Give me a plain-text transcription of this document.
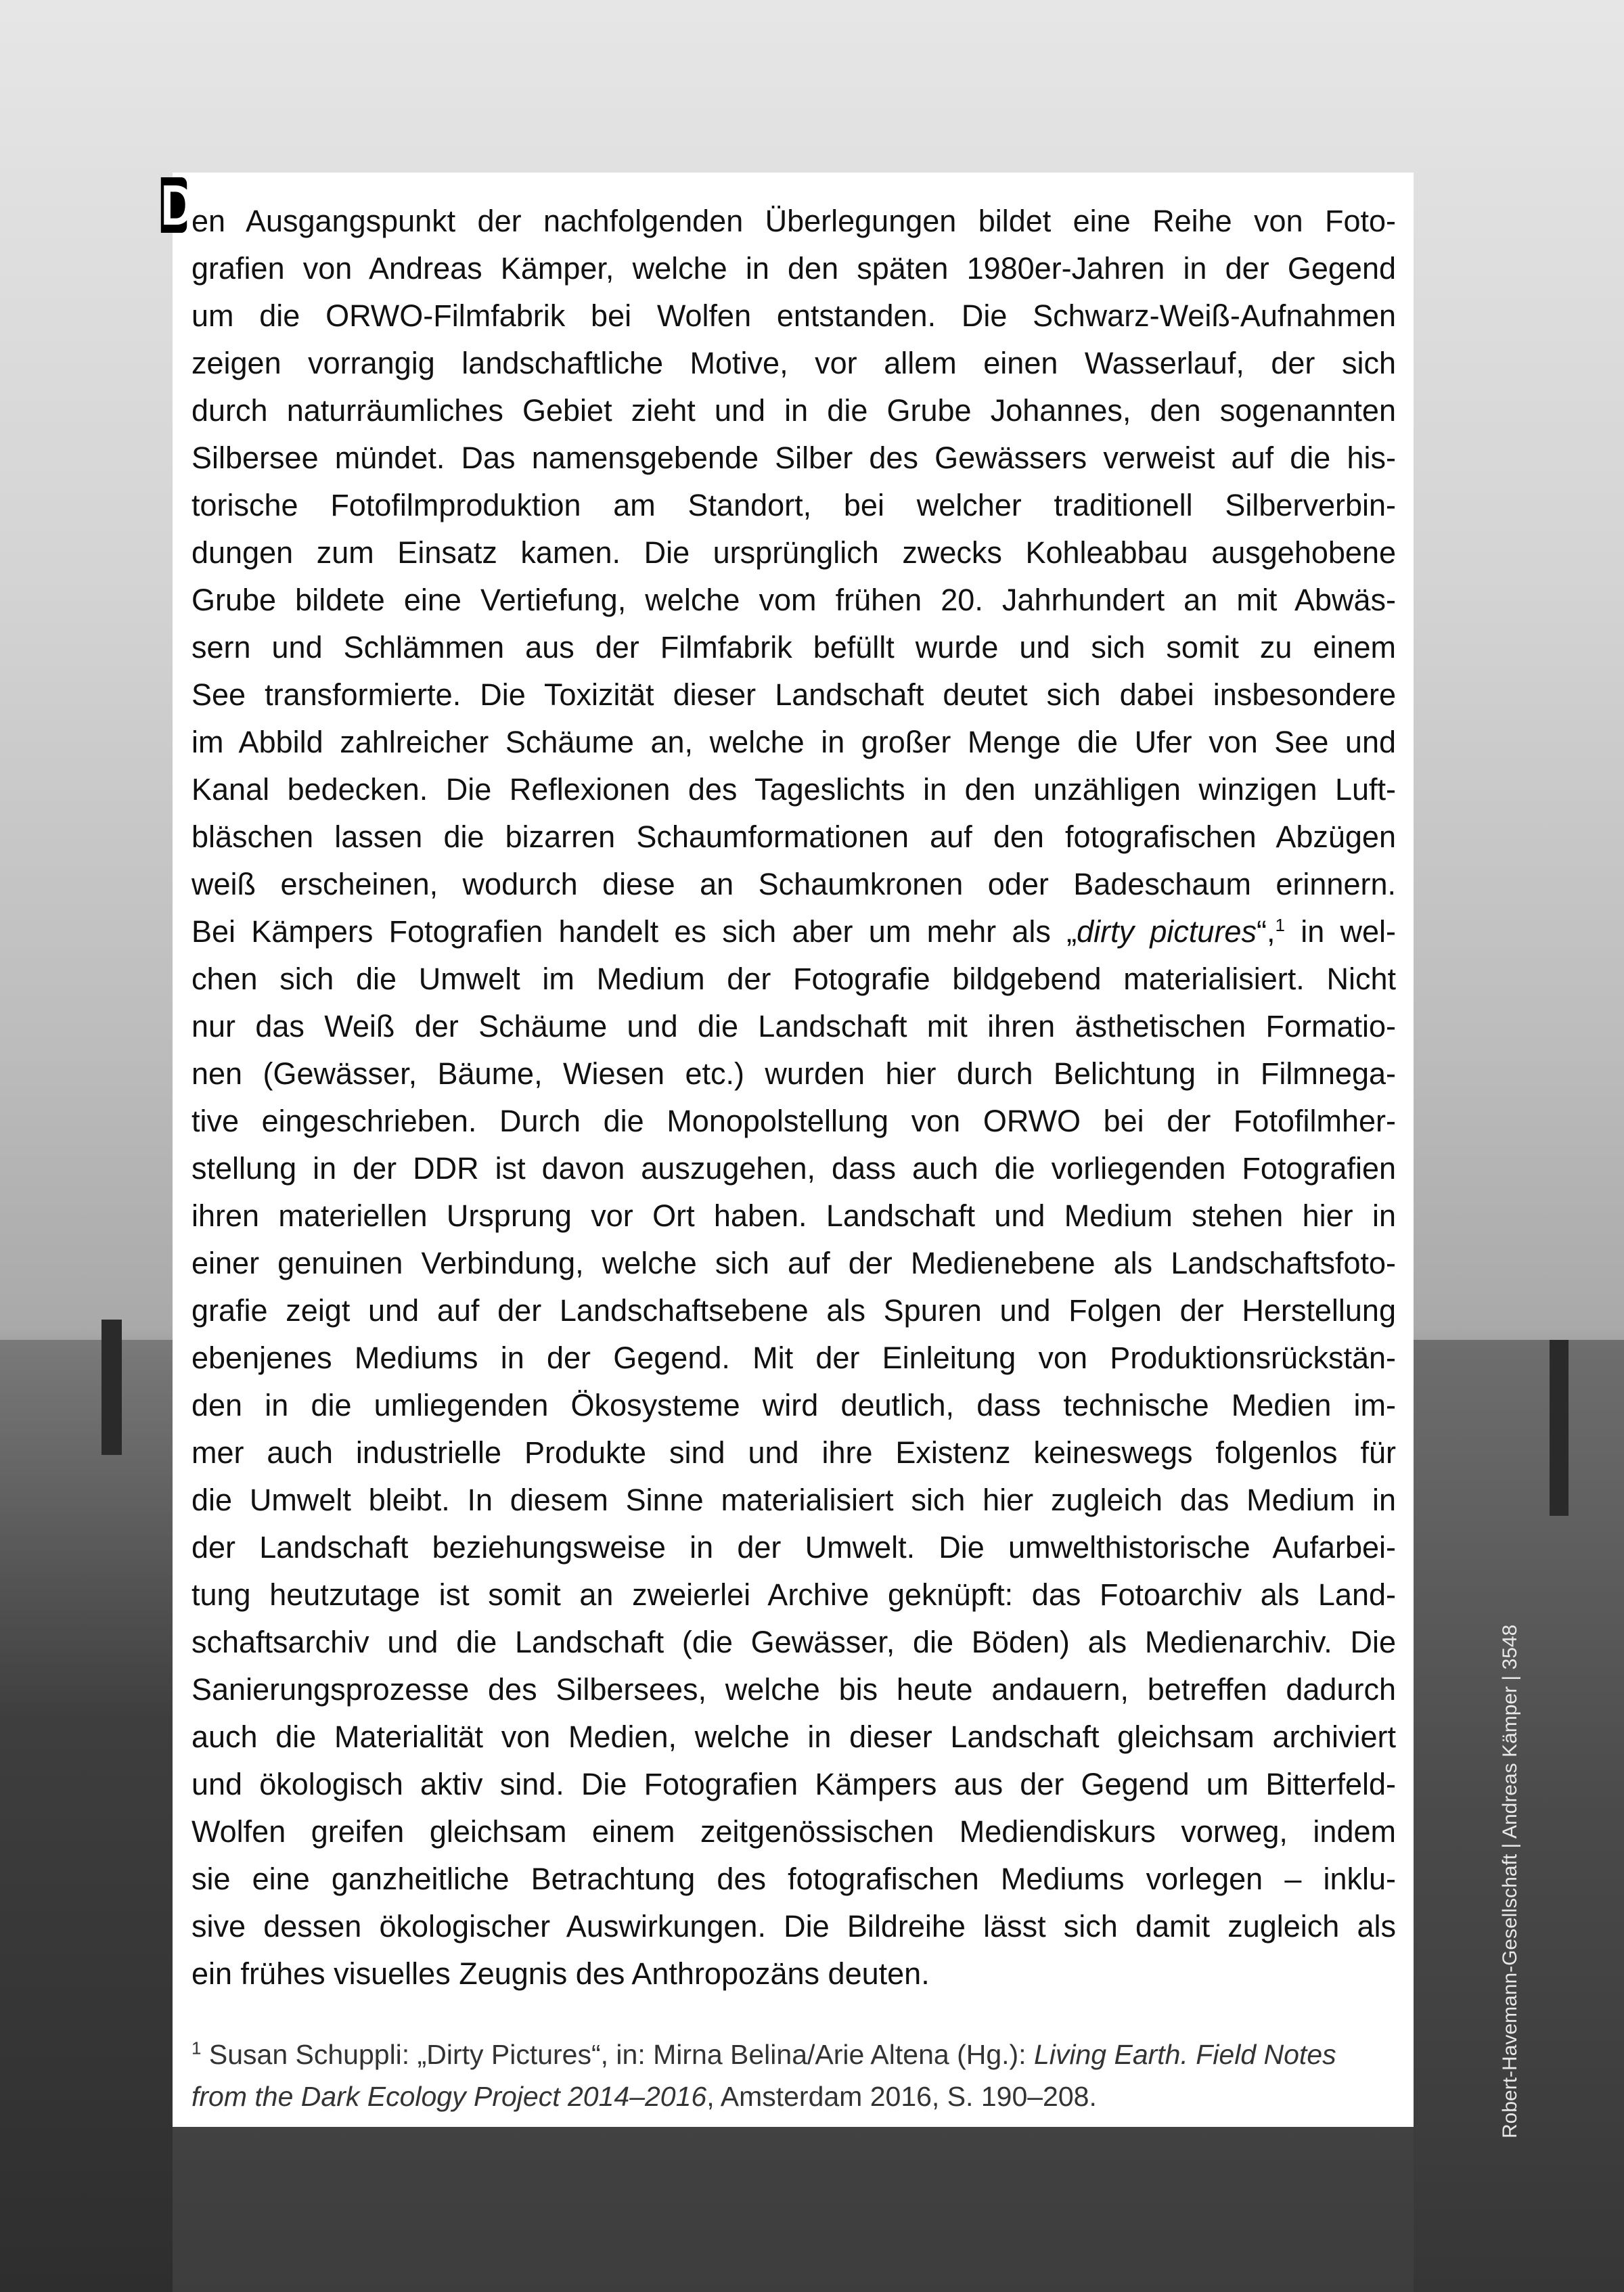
D
en Ausgangspunkt der nachfolgenden Überlegungen bildet eine Reihe von Foto-
grafien von Andreas Kämper, welche in den späten 1980er-Jahren in der Gegend
um die ORWO-Filmfabrik bei Wolfen entstanden. Die Schwarz-Weiß-Aufnahmen
zeigen vorrangig landschaftliche Motive, vor allem einen Wasserlauf, der sich
durch naturräumliches Gebiet zieht und in die Grube Johannes, den sogenannten
Silbersee mündet. Das namensgebende Silber des Gewässers verweist auf die his-
torische Fotofilmproduktion am Standort, bei welcher traditionell Silberverbin-
dungen zum Einsatz kamen. Die ursprünglich zwecks Kohleabbau ausgehobene
Grube bildete eine Vertiefung, welche vom frühen 20. Jahrhundert an mit Abwäs-
sern und Schlämmen aus der Filmfabrik befüllt wurde und sich somit zu einem
See transformierte. Die Toxizität dieser Landschaft deutet sich dabei insbesondere
im Abbild zahlreicher Schäume an, welche in großer Menge die Ufer von See und
Kanal bedecken. Die Reflexionen des Tageslichts in den unzähligen winzigen Luft-
bläschen lassen die bizarren Schaumformationen auf den fotografischen Abzügen
weiß erscheinen, wodurch diese an Schaumkronen oder Badeschaum erinnern.
Bei Kämpers Fotografien handelt es sich aber um mehr als „dirty pictures“,$^1$ in wel-
chen sich die Umwelt im Medium der Fotografie bildgebend materialisiert. Nicht
nur das Weiß der Schäume und die Landschaft mit ihren ästhetischen Formatio-
nen (Gewässer, Bäume, Wiesen etc.) wurden hier durch Belichtung in Filmnega-
tive eingeschrieben. Durch die Monopolstellung von ORWO bei der Fotofilmher-
stellung in der DDR ist davon auszugehen, dass auch die vorliegenden Fotografien
ihren materiellen Ursprung vor Ort haben. Landschaft und Medium stehen hier in
einer genuinen Verbindung, welche sich auf der Medienebene als Landschaftsfoto-
grafie zeigt und auf der Landschaftsebene als Spuren und Folgen der Herstellung
ebenjenes Mediums in der Gegend. Mit der Einleitung von Produktionsrückstän-
den in die umliegenden Ökosysteme wird deutlich, dass technische Medien im-
mer auch industrielle Produkte sind und ihre Existenz keineswegs folgenlos für
die Umwelt bleibt. In diesem Sinne materialisiert sich hier zugleich das Medium in
der Landschaft beziehungsweise in der Umwelt. Die umwelthistorische Aufarbei-
tung heutzutage ist somit an zweierlei Archive geknüpft: das Fotoarchiv als Land-
schaftsarchiv und die Landschaft (die Gewässer, die Böden) als Medienarchiv. Die
Sanierungsprozesse des Silbersees, welche bis heute andauern, betreffen dadurch
auch die Materialität von Medien, welche in dieser Landschaft gleichsam archiviert
und ökologisch aktiv sind. Die Fotografien Kämpers aus der Gegend um Bitterfeld-
Wolfen greifen gleichsam einem zeitgenössischen Mediendiskurs vorweg, indem
sie eine ganzheitliche Betrachtung des fotografischen Mediums vorlegen – inklu-
sive dessen ökologischer Auswirkungen. Die Bildreihe lässt sich damit zugleich als
ein frühes visuelles Zeugnis des Anthropozäns deuten.
$^1$ Susan Schuppli: „Dirty Pictures“, in: Mirna Belina/Arie Altena (Hg.): Living Earth. Field Notes from the Dark Ecology Project 2014–2016, Amsterdam 2016, S. 190–208.	Robert-Havemann-Gesellschaft | Andreas Kämper | 3548
